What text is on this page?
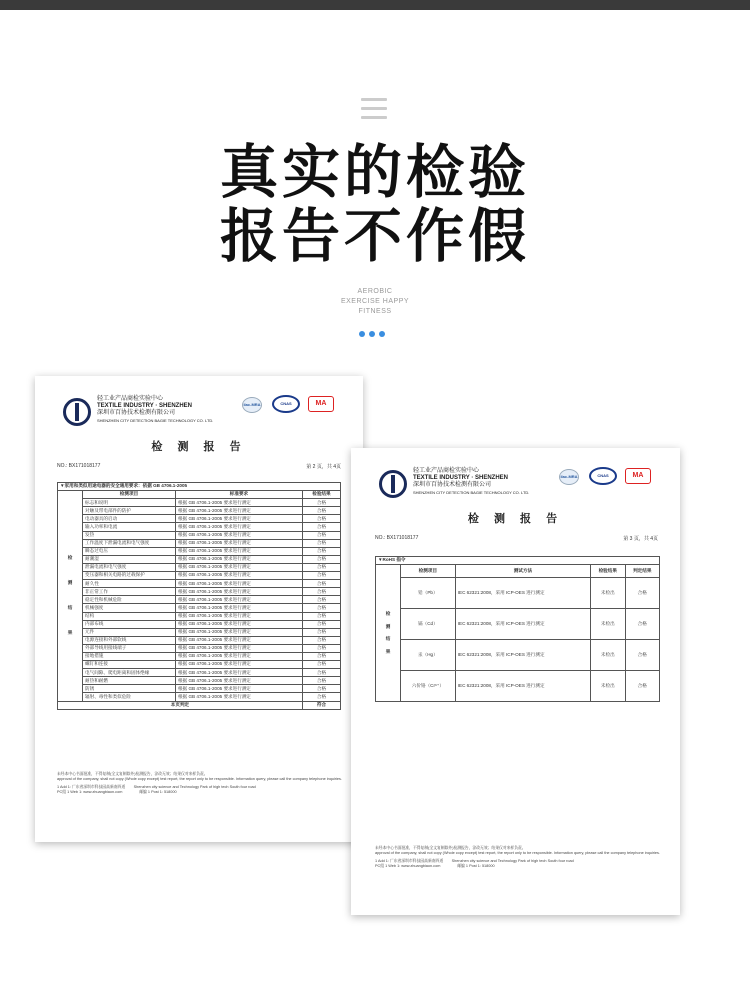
真实的检验
报告不作假
AEROBIC
EXERCISE HAPPY
FITNESS
轻工业产品商检实验中心
TEXTILE INDUSTRY · SHENZHEN
深圳市百协技术检测有限公司
SHENZHEN CITY DETECTION BAGIE TECHNOLOGY CO. LTD.
ilac-MRA	CNAS	MA
检 测 报 告
NO.: BX171018177	第 2 页，共 4页
▼家用和类似用途电器的安全通用要求：依据 GB 4706.1-2005			

检

测

结

果	检测项目	标准要求	检验结果
	标志和说明	根据 GB 4706.1-2005 要求进行测定	合格
	对触及带电部件的防护	根据 GB 4706.1-2005 要求进行测定	合格
	电动器具的启动	根据 GB 4706.1-2005 要求进行测定	合格
	输入功率和电流	根据 GB 4706.1-2005 要求进行测定	合格
	发热	根据 GB 4706.1-2005 要求进行测定	合格
	工作温度下泄漏电流和电气强度	根据 GB 4706.1-2005 要求进行测定	合格
	瞬态过电压	根据 GB 4706.1-2005 要求进行测定	合格
	耐潮湿	根据 GB 4706.1-2005 要求进行测定	合格
	泄漏电流和电气强度	根据 GB 4706.1-2005 要求进行测定	合格
	变压器和相关电路的过载保护	根据 GB 4706.1-2005 要求进行测定	合格
	耐久性	根据 GB 4706.1-2005 要求进行测定	合格
	非正常工作	根据 GB 4706.1-2005 要求进行测定	合格
	稳定性和机械危险	根据 GB 4706.1-2005 要求进行测定	合格
	机械强度	根据 GB 4706.1-2005 要求进行测定	合格
	结构	根据 GB 4706.1-2005 要求进行测定	合格
	内部布线	根据 GB 4706.1-2005 要求进行测定	合格
	元件	根据 GB 4706.1-2005 要求进行测定	合格
	电源连接和外部软线	根据 GB 4706.1-2005 要求进行测定	合格
	外部导线用接线端子	根据 GB 4706.1-2005 要求进行测定	合格
	接地措施	根据 GB 4706.1-2005 要求进行测定	合格
	螺钉和连接	根据 GB 4706.1-2005 要求进行测定	合格
	电气间隙、爬电距离和固体绝缘	根据 GB 4706.1-2005 要求进行测定	合格
	耐热和耐燃	根据 GB 4706.1-2005 要求进行测定	合格
	防锈	根据 GB 4706.1-2005 要求进行测定	合格
	辐射、毒性和类似危险	根据 GB 4706.1-2005 要求进行测定	合格
本页判定			符合
未经本中心书面批准，不得复制(全文复制除外)检测报告，涂改无效；结果仅对来样负责。
approval of the company, shall not copy (Whole copy except) test report, the report only to be responsible. Information query, please call the company telephone inquiries.
1 Add 1: 广东省深圳市科技园高新南四道 Shenzhen city science and Technology Park of high tech South four road
PC组 1 Web 1: www.zhuangbiaon.com	邮编 1 Post 1: 518000
轻工业产品商检实验中心
TEXTILE INDUSTRY · SHENZHEN
深圳市百协技术检测有限公司
SHENZHEN CITY DETECTION BAGIE TECHNOLOGY CO. LTD.
ilac-MRA	CNAS	MA
检 测 报 告
NO.: BX171018177	第 3 页，共 4页
▼RoHS 指令				

检

测

结

果	检测项目	测试方法	检验结果	判定结果
	铅（Pb）	IEC 62321:2008，采用 ICP-OES 进行测定	未检出	合格
	镉（Cd）	IEC 62321:2008，采用 ICP-OES 进行测定	未检出	合格
	汞（Hg）	IEC 62321:2008，采用 ICP-OES 进行测定	未检出	合格
	六价铬（Cr⁶⁺）	IEC 62321:2008，采用 ICP-OES 进行测定	未检出	合格
未经本中心书面批准，不得复制(全文复制除外)检测报告，涂改无效；结果仅对来样负责。
approval of the company, shall not copy (Whole copy except) test report, the report only to be responsible. Information query, please call the company telephone inquiries.
1 Add 1: 广东省深圳市科技园高新南四道 Shenzhen city science and Technology Park of high tech South four road
PC组 1 Web 1: www.zhuangbiaon.com	邮编 1 Post 1: 518000
